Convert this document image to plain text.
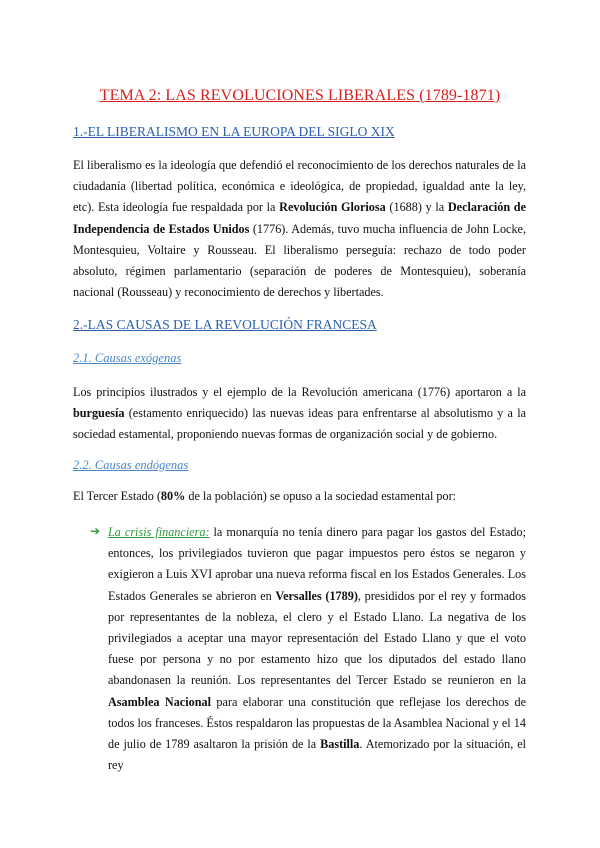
TEMA 2: LAS REVOLUCIONES LIBERALES (1789-1871)
1.-EL LIBERALISMO EN LA EUROPA DEL SIGLO XIX

El liberalismo es la ideología que defendió el reconocimiento de los derechos naturales de la ciudadanía (libertad política, económica e ideológica, de propiedad, igualdad ante la ley, etc). Esta ideología fue respaldada por la Revolución Gloriosa (1688) y la Declaración de Independencia de Estados Unidos (1776). Además, tuvo mucha influencia de John Locke, Montesquieu, Voltaire y Rousseau. El liberalismo perseguía: rechazo de todo poder absoluto, régimen parlamentario (separación de poderes de Montesquieu), soberanía nacional (Rousseau) y reconocimiento de derechos y libertades.

2.-LAS CAUSAS DE LA REVOLUCIÓN FRANCESA
2.1. Causas exógenas

Los principios ilustrados y el ejemplo de la Revolución americana (1776) aportaron a la burguesía (estamento enriquecido) las nuevas ideas para enfrentarse al absolutismo y a la sociedad estamental, proponiendo nuevas formas de organización social y de gobierno.

2.2. Causas endógenas

El Tercer Estado (80% de la población) se opuso a la sociedad estamental por:

➔ La crisis financiera: la monarquía no tenía dinero para pagar los gastos del Estado; entonces, los privilegiados tuvieron que pagar impuestos pero éstos se negaron y exigieron a Luis XVI aprobar una nueva reforma fiscal en los Estados Generales. Los Estados Generales se abrieron en Versalles (1789), presididos por el rey y formados por representantes de la nobleza, el clero y el Estado Llano. La negativa de los privilegiados a aceptar una mayor representación del Estado Llano y que el voto fuese por persona y no por estamento hizo que los diputados del estado llano abandonasen la reunión. Los representantes del Tercer Estado se reunieron en la Asamblea Nacional para elaborar una constitución que reflejase los derechos de todos los franceses. Éstos respaldaron las propuestas de la Asamblea Nacional y el 14 de julio de 1789 asaltaron la prisión de la Bastilla. Atemorizado por la situación, el rey
